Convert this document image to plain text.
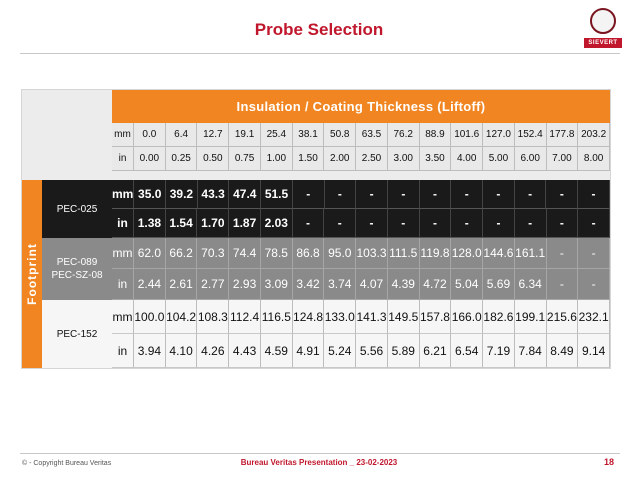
Probe Selection
SIEVERT
Insulation / Coating Thickness (Liftoff)
mm	0.0	6.4	12.7	19.1	25.4	38.1	50.8	63.5	76.2	88.9 101.6 127.0 152.4 177.8 203.2
in	0.00	0.25	0.50	0.75	1.00	1.50	2.00	2.50	3.00	3.50	4.00	5.00	6.00	7.00	8.00
Footprint
PEC-025
mm 35.0 39.2 43.3 47.4 51.5	-	-	-	-	-	-	-	-	-	-
in 1.38 1.54 1.70 1.87 2.03	-	-	-	-	-	-	-	-	-	-
PEC-089
PEC-SZ-08
mm 62.0 66.2 70.3 74.4 78.5 86.8 95.0 103.3 111.5 119.8 128.0 144.6 161.1	-	-
in 2.44 2.61 2.77 2.93 3.09 3.42 3.74 4.07 4.39 4.72 5.04 5.69 6.34	-	-
PEC-152
mm 100.0 104.2 108.3 112.4 116.5 124.8 133.0 141.3 149.5 157.8 166.0 182.6 199.1 215.6 232.1
in 3.94 4.10 4.26 4.43 4.59 4.91 5.24 5.56 5.89 6.21 6.54 7.19 7.84 8.49 9.14
© - Copyright Bureau Veritas	Bureau Veritas Presentation _ 23-02-2023	18
